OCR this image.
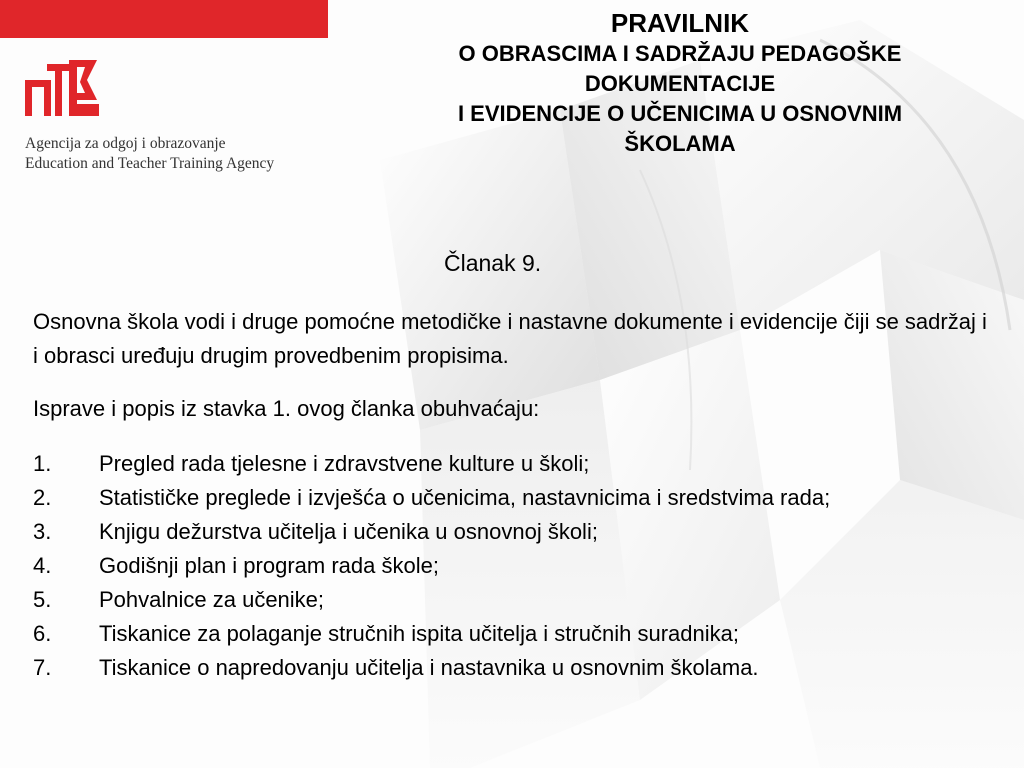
Agencija za odgoj i obrazovanje
Education and Teacher Training Agency
PRAVILNIK
O OBRASCIMA I SADRŽAJU PEDAGOŠKE
DOKUMENTACIJE
I EVIDENCIJE O UČENICIMA U OSNOVNIM
ŠKOLAMA
Članak 9.
Osnovna škola vodi i druge pomoćne metodičke i nastavne dokumente i evidencije čiji se sadržaj i i obrasci uređuju drugim provedbenim propisima.
Isprave i popis iz stavka 1. ovog članka obuhvaćaju:
1.	Pregled rada tjelesne i zdravstvene kulture u školi;
2.	Statističke preglede i izvješća o učenicima, nastavnicima i sredstvima rada;
3.	Knjigu dežurstva učitelja i učenika u osnovnoj školi;
4.	Godišnji plan i program rada škole;
5.	Pohvalnice za učenike;
6.	Tiskanice za polaganje stručnih ispita učitelja i stručnih suradnika;
7.	Tiskanice o napredovanju učitelja i nastavnika u osnovnim školama.
